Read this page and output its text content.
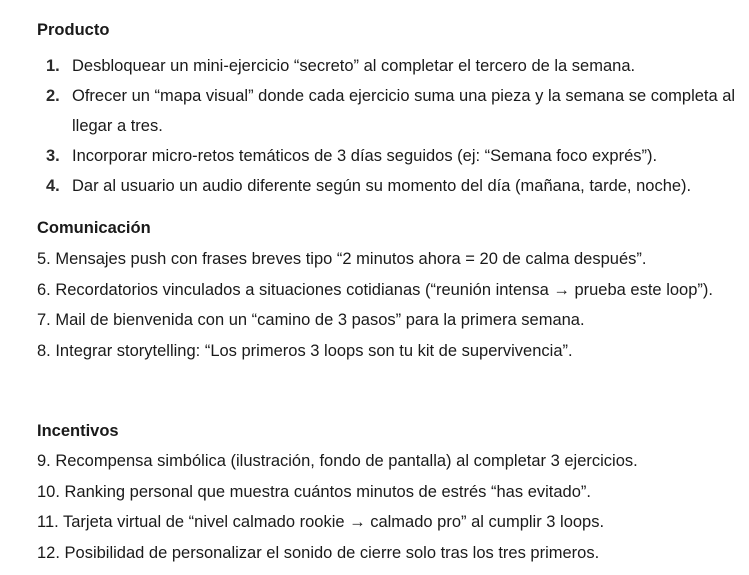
Producto
1. Desbloquear un mini-ejercicio “secreto” al completar el tercero de la semana.
2. Ofrecer un “mapa visual” donde cada ejercicio suma una pieza y la semana se completa al llegar a tres.
3. Incorporar micro-retos temáticos de 3 días seguidos (ej: “Semana foco exprés”).
4. Dar al usuario un audio diferente según su momento del día (mañana, tarde, noche).
Comunicación
5. Mensajes push con frases breves tipo “2 minutos ahora = 20 de calma después”.
6. Recordatorios vinculados a situaciones cotidianas (“reunión intensa → prueba este loop”).
7. Mail de bienvenida con un “camino de 3 pasos” para la primera semana.
8. Integrar storytelling: “Los primeros 3 loops son tu kit de supervivencia”.
Incentivos
9. Recompensa simbólica (ilustración, fondo de pantalla) al completar 3 ejercicios.
10. Ranking personal que muestra cuántos minutos de estrés “has evitado”.
11. Tarjeta virtual de “nivel calmado rookie → calmado pro” al cumplir 3 loops.
12. Posibilidad de personalizar el sonido de cierre solo tras los tres primeros.
